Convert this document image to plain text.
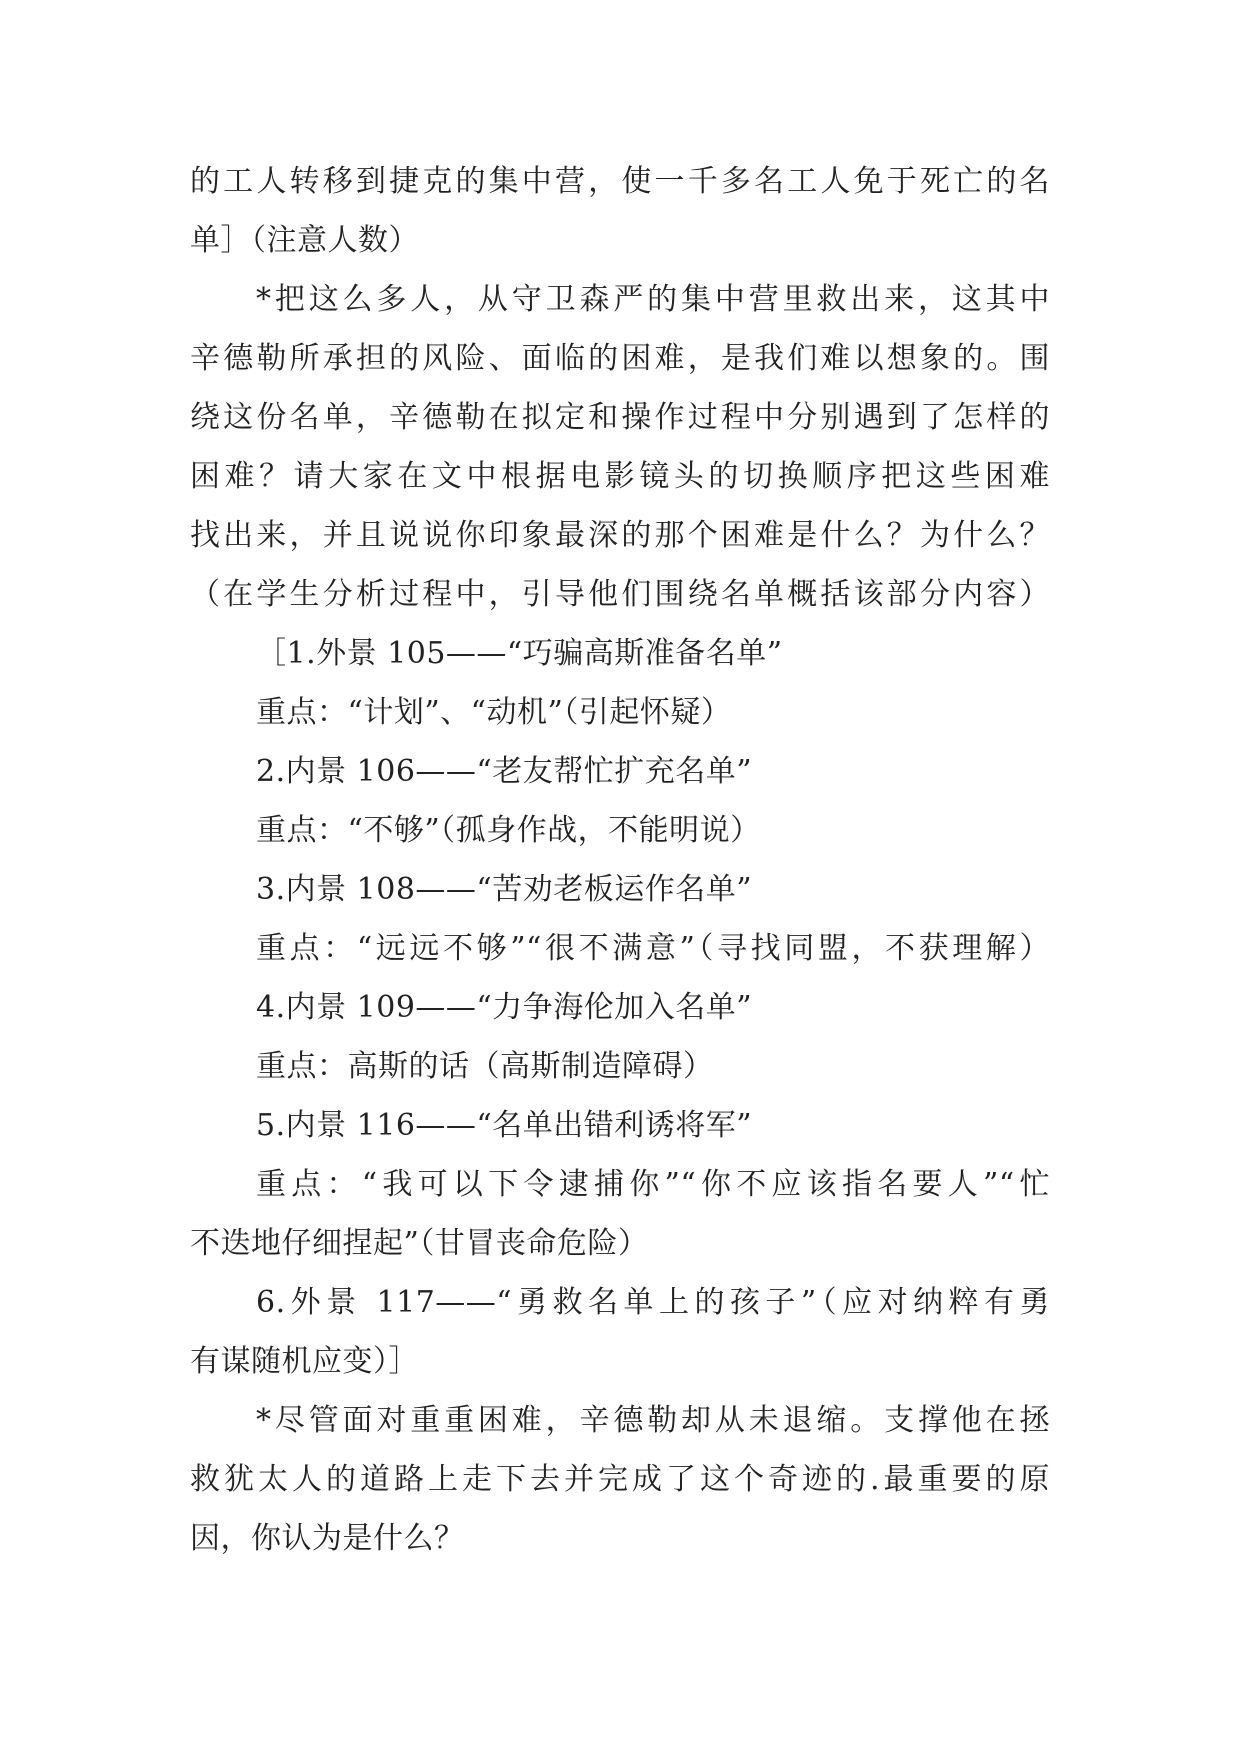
的工人转移到捷克的集中营，使一千多名工人免于死亡的名
单］（注意人数）
*把这么多人，从守卫森严的集中营里救出来，这其中
辛德勒所承担的风险、面临的困难，是我们难以想象的。围
绕这份名单，辛德勒在拟定和操作过程中分别遇到了怎样的
困难？请大家在文中根据电影镜头的切换顺序把这些困难
找出来，并且说说你印象最深的那个困难是什么？为什么？
（在学生分析过程中，引导他们围绕名单概括该部分内容）
［1.外景 105——“巧骗高斯准备名单”
重点：“计划”、“动机”（引起怀疑）
2.内景 106——“老友帮忙扩充名单”
重点：“不够”（孤身作战，不能明说）
3.内景 108——“苦劝老板运作名单”
重点：“远远不够”“很不满意”（寻找同盟，不获理解）
4.内景 109——“力争海伦加入名单”
重点：高斯的话（高斯制造障碍）
5.内景 116——“名单出错利诱将军”
重点：“我可以下令逮捕你”“你不应该指名要人”“忙
不迭地仔细捏起”（甘冒丧命危险）
6.外景 117——“勇救名单上的孩子”（应对纳粹有勇
有谋随机应变）］
*尽管面对重重困难，辛德勒却从未退缩。支撑他在拯
救犹太人的道路上走下去并完成了这个奇迹的.最重要的原
因，你认为是什么？
